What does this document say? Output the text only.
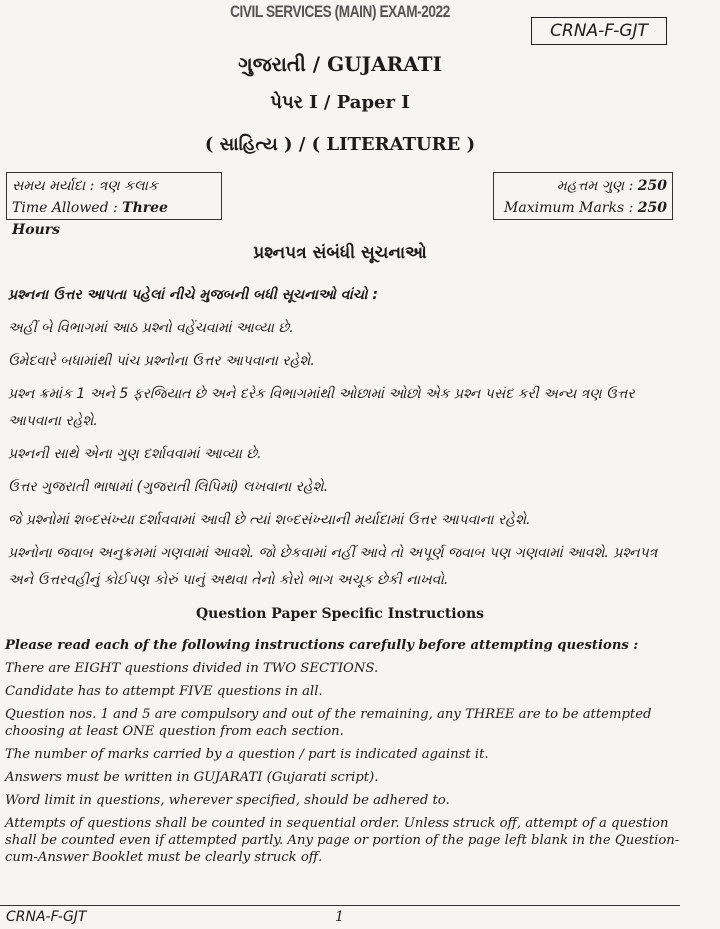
CIVIL SERVICES (MAIN) EXAM-2022
CRNA-F-GJT
ગુજરાતી / GUJARATI
પેપર I / Paper I
( સાહિત્ય ) / ( LITERATURE )
સમય મર્યાદા : ત્રણ કલાક
Time Allowed : Three Hours
મહત્તમ ગુણ : 250
Maximum Marks : 250
પ્રશ્નપત્ર સંબંધી સૂચનાઓ
પ્રશ્નના ઉત્તર આપતા પહેલાં નીચે મુજબની બધી સૂચનાઓ વાંચો :
અહીં બે વિભાગમાં આઠ પ્રશ્નો વહેંચવામાં આવ્યા છે.
ઉમેદવારે બધામાંથી પાંચ પ્રશ્નોના ઉત્તર આપવાના રહેશે.
પ્રશ્ન ક્રમાંક 1 અને 5 ફરજિયાત છે અને દરેક વિભાગમાંથી ઓછામાં ઓછો એક પ્રશ્ન પસંદ કરી અન્ય ત્રણ ઉત્તર આપવાના રહેશે.
પ્રશ્નની સાથે એના ગુણ દર્શાવવામાં આવ્યા છે.
ઉત્તર ગુજરાતી ભાષામાં (ગુજરાતી લિપિમાં) લખવાના રહેશે.
જે પ્રશ્નોમાં શબ્દસંખ્યા દર્શાવવામાં આવી છે ત્યાં શબ્દસંખ્યાની મર્યાદામાં ઉત્તર આપવાના રહેશે.
પ્રશ્નોના જવાબ અનુક્રમમાં ગણવામાં આવશે. જો છેકવામાં નહીં આવે તો અપૂર્ણ જવાબ પણ ગણવામાં આવશે. પ્રશ્નપત્ર અને ઉત્તરવહીનું કોઈપણ કોરું પાનું અથવા તેનો કોરો ભાગ અચૂક છેકી નાખવો.
Question Paper Specific Instructions
Please read each of the following instructions carefully before attempting questions :
There are EIGHT questions divided in TWO SECTIONS.
Candidate has to attempt FIVE questions in all.
Question nos. 1 and 5 are compulsory and out of the remaining, any THREE are to be attempted choosing at least ONE question from each section.
The number of marks carried by a question / part is indicated against it.
Answers must be written in GUJARATI (Gujarati script).
Word limit in questions, wherever specified, should be adhered to.
Attempts of questions shall be counted in sequential order. Unless struck off, attempt of a question shall be counted even if attempted partly. Any page or portion of the page left blank in the Question-cum-Answer Booklet must be clearly struck off.
CRNA-F-GJT	1
